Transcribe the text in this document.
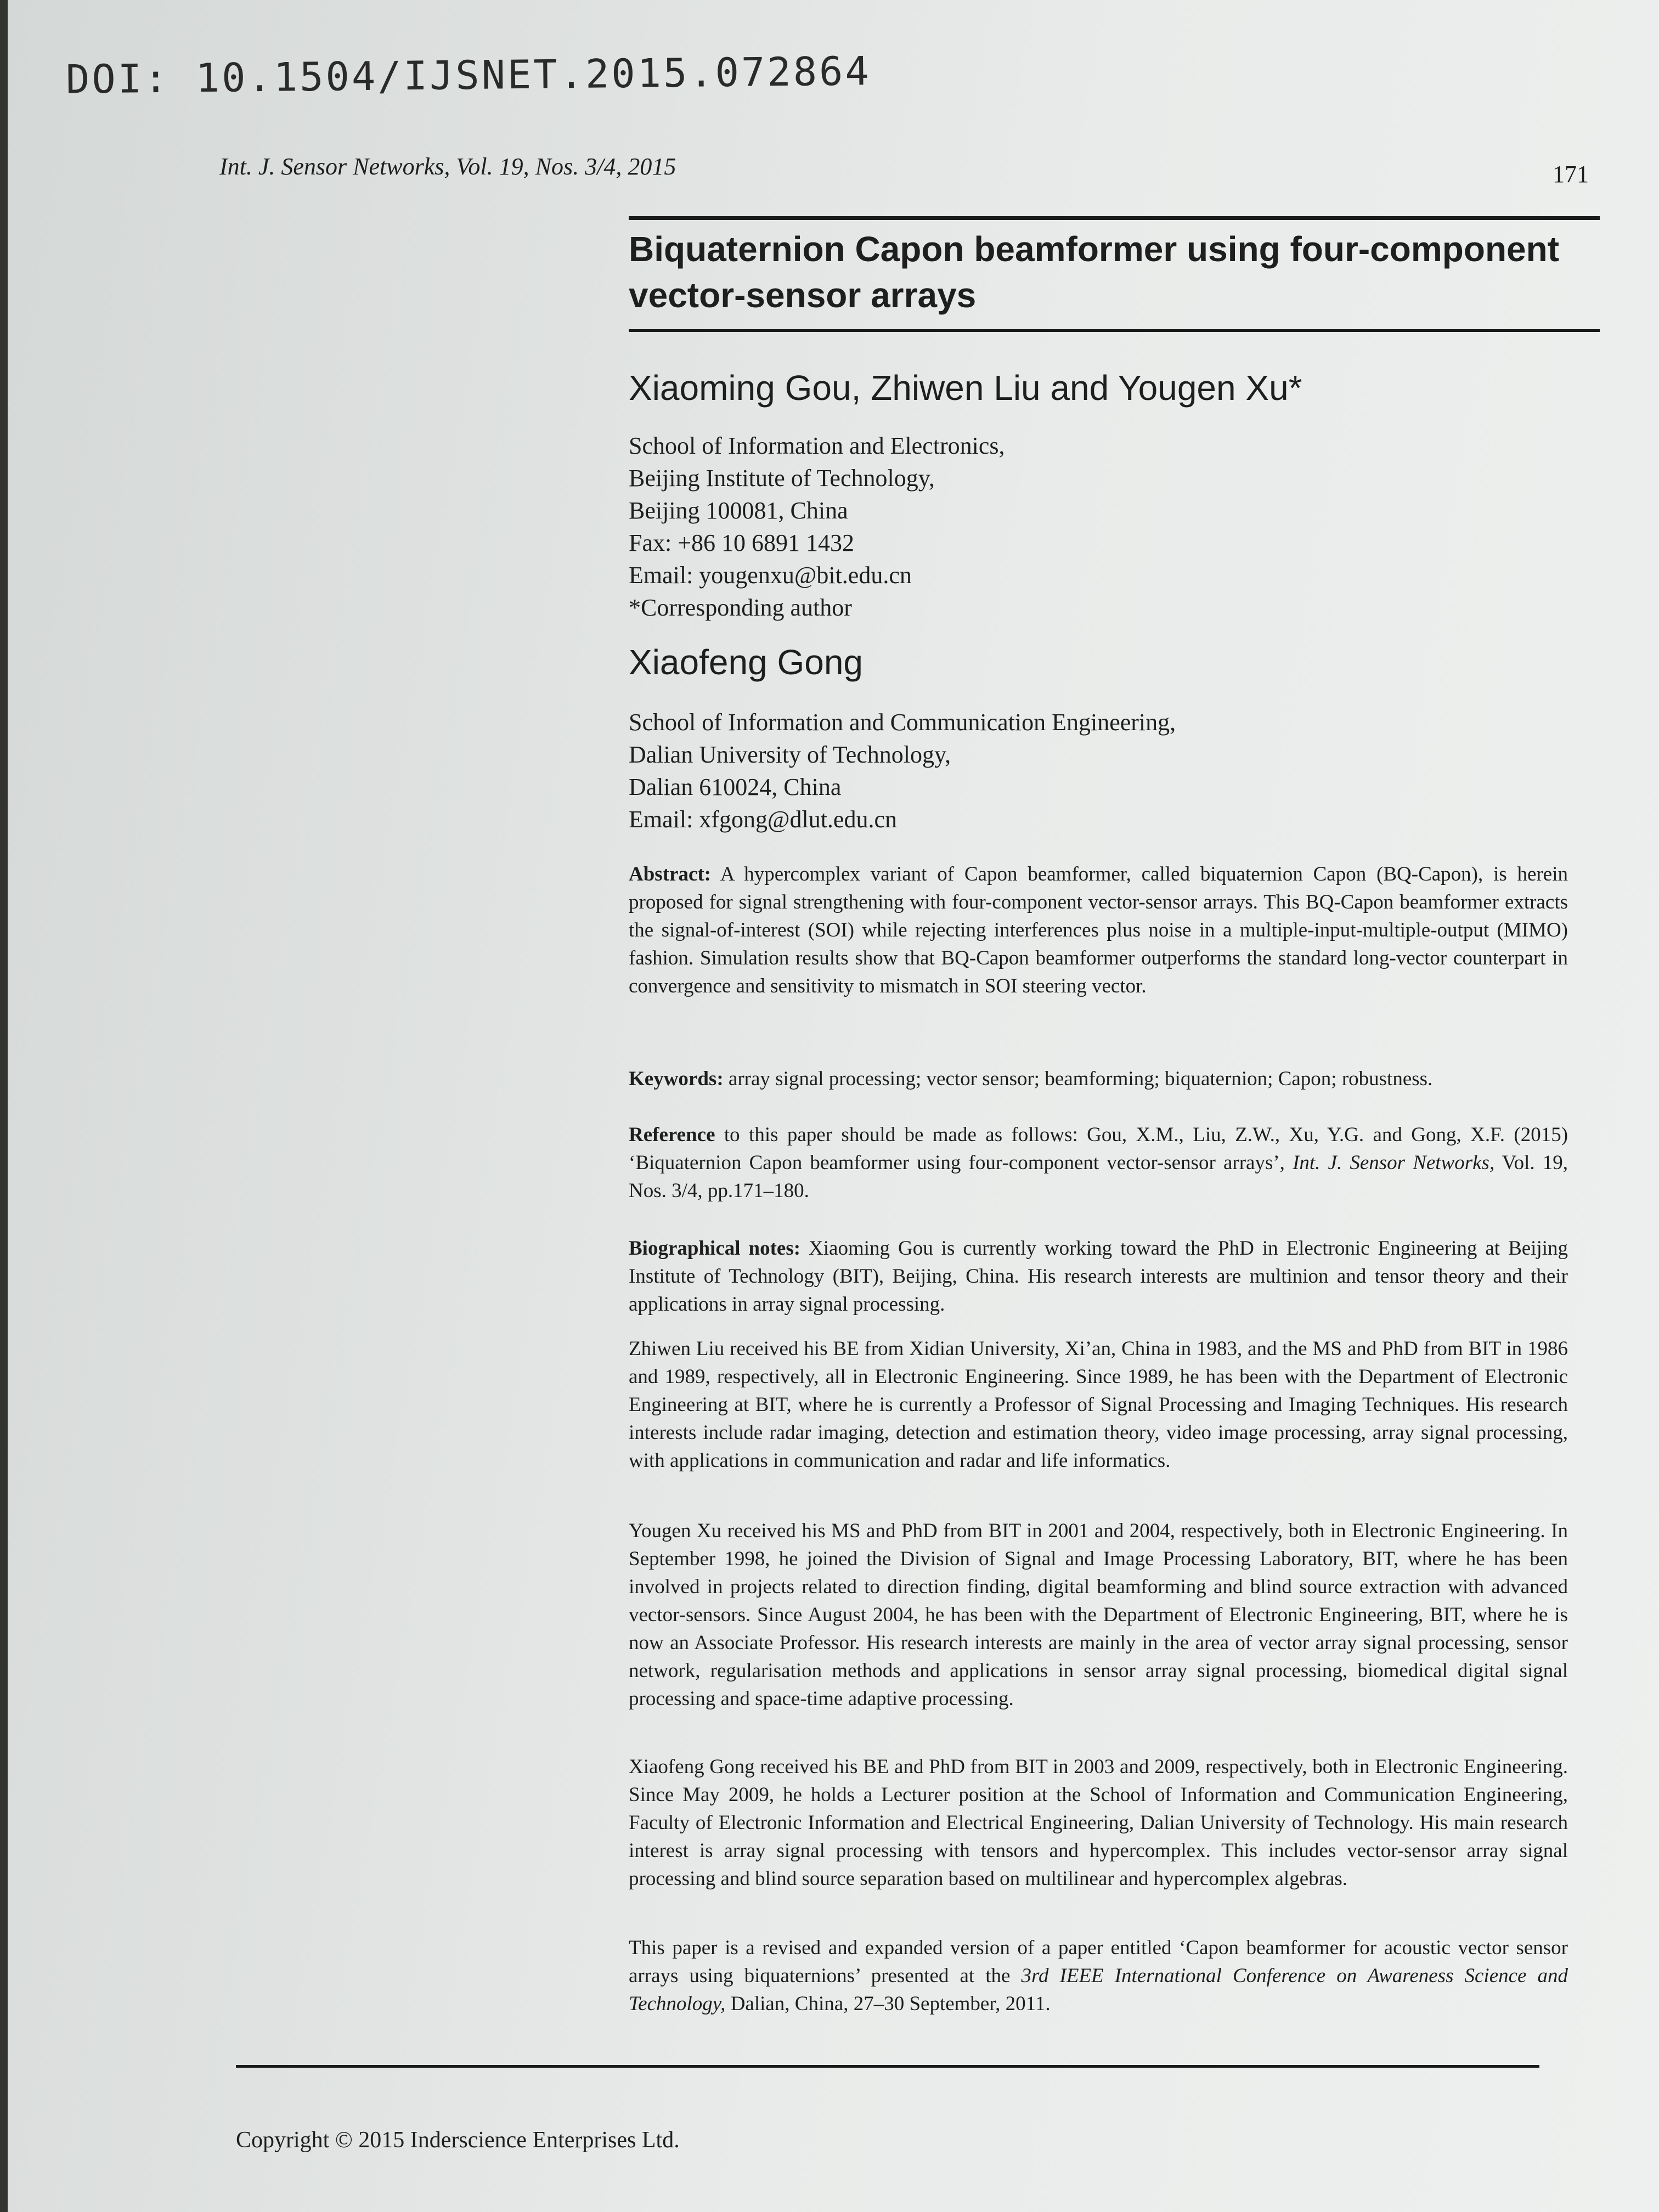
DOI: 10.1504/IJSNET.2015.072864
Int. J. Sensor Networks, Vol. 19, Nos. 3/4, 2015	171
Biquaternion Capon beamformer using four-component vector-sensor arrays
Xiaoming Gou, Zhiwen Liu and Yougen Xu*
School of Information and Electronics,
Beijing Institute of Technology,
Beijing 100081, China
Fax: +86 10 6891 1432
Email: yougenxu@bit.edu.cn
*Corresponding author
Xiaofeng Gong
School of Information and Communication Engineering,
Dalian University of Technology,
Dalian 610024, China
Email: xfgong@dlut.edu.cn
Abstract: A hypercomplex variant of Capon beamformer, called biquaternion Capon (BQ-Capon), is herein proposed for signal strengthening with four-component vector-sensor arrays. This BQ-Capon beamformer extracts the signal-of-interest (SOI) while rejecting interferences plus noise in a multiple-input-multiple-output (MIMO) fashion. Simulation results show that BQ-Capon beamformer outperforms the standard long-vector counterpart in convergence and sensitivity to mismatch in SOI steering vector.
Keywords: array signal processing; vector sensor; beamforming; biquaternion; Capon; robustness.
Reference to this paper should be made as follows: Gou, X.M., Liu, Z.W., Xu, Y.G. and Gong, X.F. (2015) ‘Biquaternion Capon beamformer using four-component vector-sensor arrays’, Int. J. Sensor Networks, Vol. 19, Nos. 3/4, pp.171–180.
Biographical notes: Xiaoming Gou is currently working toward the PhD in Electronic Engineering at Beijing Institute of Technology (BIT), Beijing, China. His research interests are multinion and tensor theory and their applications in array signal processing.
Zhiwen Liu received his BE from Xidian University, Xi’an, China in 1983, and the MS and PhD from BIT in 1986 and 1989, respectively, all in Electronic Engineering. Since 1989, he has been with the Department of Electronic Engineering at BIT, where he is currently a Professor of Signal Processing and Imaging Techniques. His research interests include radar imaging, detection and estimation theory, video image processing, array signal processing, with applications in communication and radar and life informatics.
Yougen Xu received his MS and PhD from BIT in 2001 and 2004, respectively, both in Electronic Engineering. In September 1998, he joined the Division of Signal and Image Processing Laboratory, BIT, where he has been involved in projects related to direction finding, digital beamforming and blind source extraction with advanced vector-sensors. Since August 2004, he has been with the Department of Electronic Engineering, BIT, where he is now an Associate Professor. His research interests are mainly in the area of vector array signal processing, sensor network, regularisation methods and applications in sensor array signal processing, biomedical digital signal processing and space-time adaptive processing.
Xiaofeng Gong received his BE and PhD from BIT in 2003 and 2009, respectively, both in Electronic Engineering. Since May 2009, he holds a Lecturer position at the School of Information and Communication Engineering, Faculty of Electronic Information and Electrical Engineering, Dalian University of Technology. His main research interest is array signal processing with tensors and hypercomplex. This includes vector-sensor array signal processing and blind source separation based on multilinear and hypercomplex algebras.
This paper is a revised and expanded version of a paper entitled ‘Capon beamformer for acoustic vector sensor arrays using biquaternions’ presented at the 3rd IEEE International Conference on Awareness Science and Technology, Dalian, China, 27–30 September, 2011.
Copyright © 2015 Inderscience Enterprises Ltd.
